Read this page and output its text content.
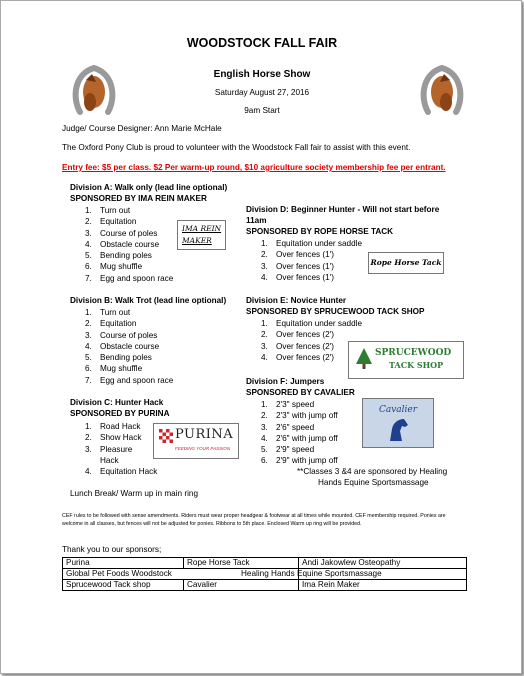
WOODSTOCK FALL FAIR
English Horse Show
Saturday August 27, 2016
9am Start
Judge/ Course Designer: Ann Marie McHale
The Oxford Pony Club is proud to volunteer with the Woodstock Fall fair to assist with this event.
Entry fee: $5 per class. $2 Per warm-up round, $10 agriculture society membership fee per entrant.
Division A: Walk only (lead line optional)
SPONSORED BY IMA REIN MAKER
1. Turn out
2. Equitation
3. Course of poles
4. Obstacle course
5. Bending poles
6. Mug shuffle
7. Egg and spoon race
IMA REIN
MAKER
Division B: Walk Trot (lead line optional)
1. Turn out
2. Equitation
3. Course of poles
4. Obstacle course
5. Bending poles
6. Mug shuffle
7. Egg and spoon race
Division C: Hunter Hack
SPONSORED BY PURINA
1. Road Hack
2. Show Hack
3. Pleasure
Hack
4. Equitation Hack
PURINA
FEEDING YOUR PASSION
Division D: Beginner Hunter - Will not start before
11am
SPONSORED BY ROPE HORSE TACK
1. Equitation under saddle
2. Over fences (1')
3. Over fences (1')
4. Over fences (1')
Rope Horse Tack
Division E: Novice Hunter
SPONSORED BY SPRUCEWOOD TACK SHOP
1. Equitation under saddle
2. Over fences (2')
3. Over fences (2')
4. Over fences (2')	SPRUCEWOOD
TACK SHOP
Division F: Jumpers
SPONSORED BY CAVALIER
1. 2'3" speed
2. 2'3" with jump off
3. 2'6" speed
4. 2'6" with jump off
5. 2'9" speed
6. 2'9" with jump off
Cavalier
**Classes 3 &4 are sponsored by Healing
Hands Equine Sportsmassage
Lunch Break/ Warm up in main ring
CEF rules to be followed with sense amendments. Riders must wear proper headgear & footwear at all times while mounted. CEF membership required. Ponies are welcome in all classes, but fences will not be adjusted for ponies. Ribbons to 5th place. Enclosed Warm up ring will be provided.
Thank you to our sponsors;
Purina	Rope Horse Tack	Andi Jakowlew Osteopathy
Global Pet Foods Woodstock		Healing Hands Equine Sportsmassage
Sprucewood Tack shop	Cavalier	Ima Rein Maker
